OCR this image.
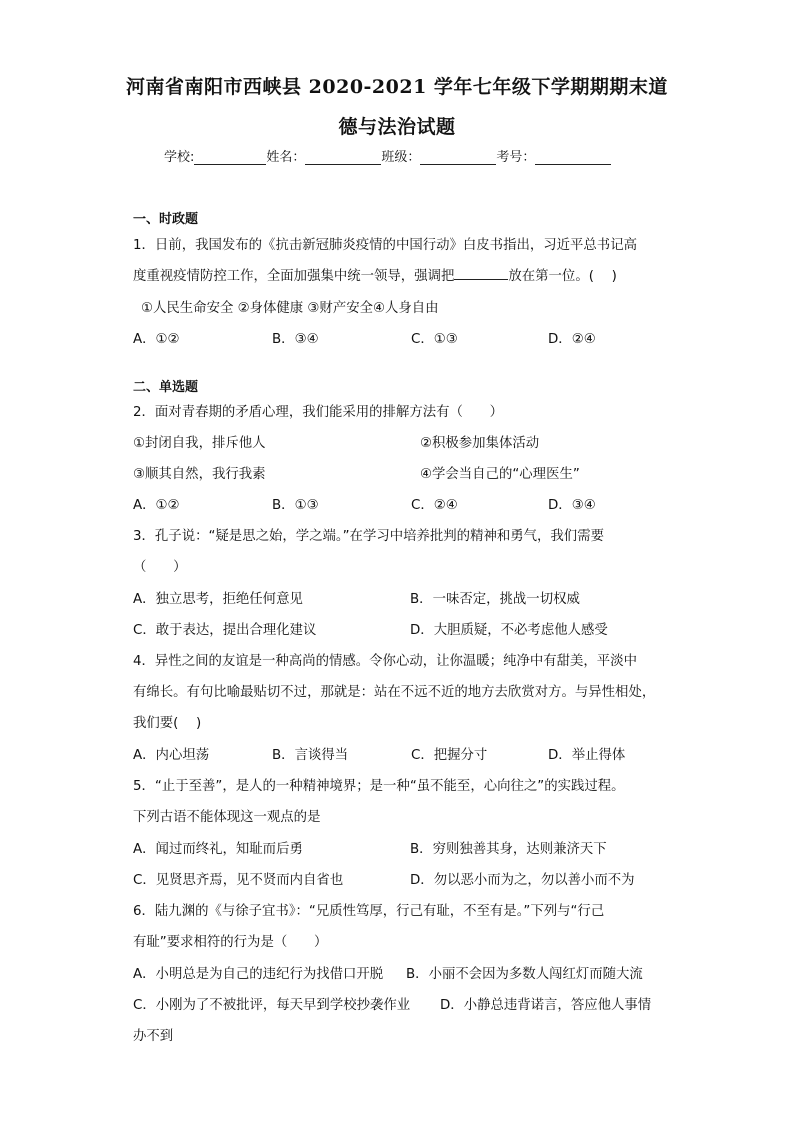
河南省南阳市西峡县 2020-2021 学年七年级下学期期期末道
德与法治试题
学校:	姓名：	班级：	考号：
一、时政题
1．日前，我国发布的《抗击新冠肺炎疫情的中国行动》白皮书指出，习近平总书记高
度重视疫情防控工作，全面加强集中统一领导，强调把	放在第一位。(　 )
①人民生命安全 ②身体健康 ③财产安全④人身自由
A．①②	B．③④	C．①③	D．②④
二、单选题
2．面对青春期的矛盾心理，我们能采用的排解方法有（　　）
①封闭自我，排斥他人	②积极参加集体活动
③顺其自然，我行我素	④学会当自己的“心理医生”
A．①②	B．①③	C．②④	D．③④
3．孔子说：“疑是思之始，学之端。”在学习中培养批判的精神和勇气，我们需要
（　　）
A．独立思考，拒绝任何意见	B．一味否定，挑战一切权威
C．敢于表达，提出合理化建议	D．大胆质疑，不必考虑他人感受
4．异性之间的友谊是一种高尚的情感。令你心动，让你温暖；纯净中有甜美，平淡中
有绵长。有句比喻最贴切不过，那就是：站在不远不近的地方去欣赏对方。与异性相处，
我们要(　 )
A．内心坦荡	B．言谈得当	C．把握分寸	D．举止得体
5．“止于至善”，是人的一种精神境界；是一种“虽不能至，心向往之”的实践过程。
下列古语不能体现这一观点的是
A．闻过而终礼，知耻而后勇	B．穷则独善其身，达则兼济天下
C．见贤思齐焉，见不贤而内自省也	D．勿以恶小而为之，勿以善小而不为
6．陆九渊的《与徐子宜书》：“兄质性笃厚，行己有耻，不至有是。”下列与“行己
有耻”要求相符的行为是（　　）
A．小明总是为自己的违纪行为找借口开脱 B．小丽不会因为多数人闯红灯而随大流
C．小刚为了不被批评，每天早到学校抄袭作业 D．小静总违背诺言，答应他人事情
办不到
